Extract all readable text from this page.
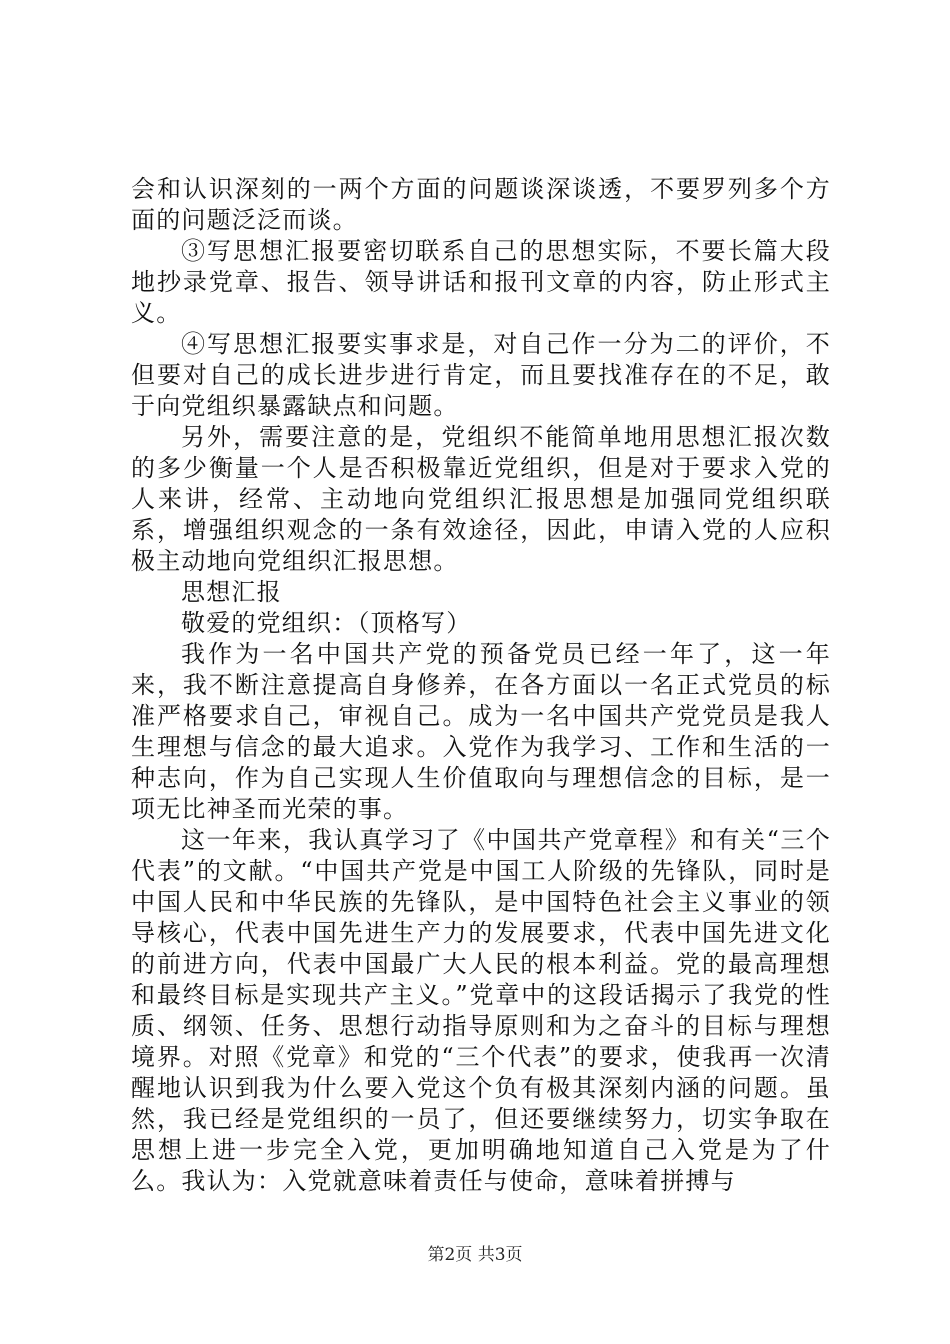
会和认识深刻的一两个方面的问题谈深谈透，不要罗列多个方面的问题泛泛而谈。

③写思想汇报要密切联系自己的思想实际，不要长篇大段地抄录党章、报告、领导讲话和报刊文章的内容，防止形式主义。

④写思想汇报要实事求是，对自己作一分为二的评价，不但要对自己的成长进步进行肯定，而且要找准存在的不足，敢于向党组织暴露缺点和问题。

另外，需要注意的是，党组织不能简单地用思想汇报次数的多少衡量一个人是否积极靠近党组织，但是对于要求入党的人来讲，经常、主动地向党组织汇报思想是加强同党组织联系，增强组织观念的一条有效途径，因此，申请入党的人应积极主动地向党组织汇报思想。

思想汇报

敬爱的党组织：（顶格写）

我作为一名中国共产党的预备党员已经一年了，这一年来，我不断注意提高自身修养，在各方面以一名正式党员的标准严格要求自己，审视自己。成为一名中国共产党党员是我人生理想与信念的最大追求。入党作为我学习、工作和生活的一种志向，作为自己实现人生价值取向与理想信念的目标，是一项无比神圣而光荣的事。

这一年来，我认真学习了《中国共产党章程》和有关“三个代表”的文献。“中国共产党是中国工人阶级的先锋队，同时是中国人民和中华民族的先锋队，是中国特色社会主义事业的领导核心，代表中国先进生产力的发展要求，代表中国先进文化的前进方向，代表中国最广大人民的根本利益。党的最高理想和最终目标是实现共产主义。”党章中的这段话揭示了我党的性质、纲领、任务、思想行动指导原则和为之奋斗的目标与理想境界。对照《党章》和党的“三个代表”的要求，使我再一次清醒地认识到我为什么要入党这个负有极其深刻内涵的问题。虽然，我已经是党组织的一员了，但还要继续努力，切实争取在思想上进一步完全入党，更加明确地知道自己入党是为了什么。我认为：入党就意味着责任与使命，意味着拼搏与

第2页 共3页
